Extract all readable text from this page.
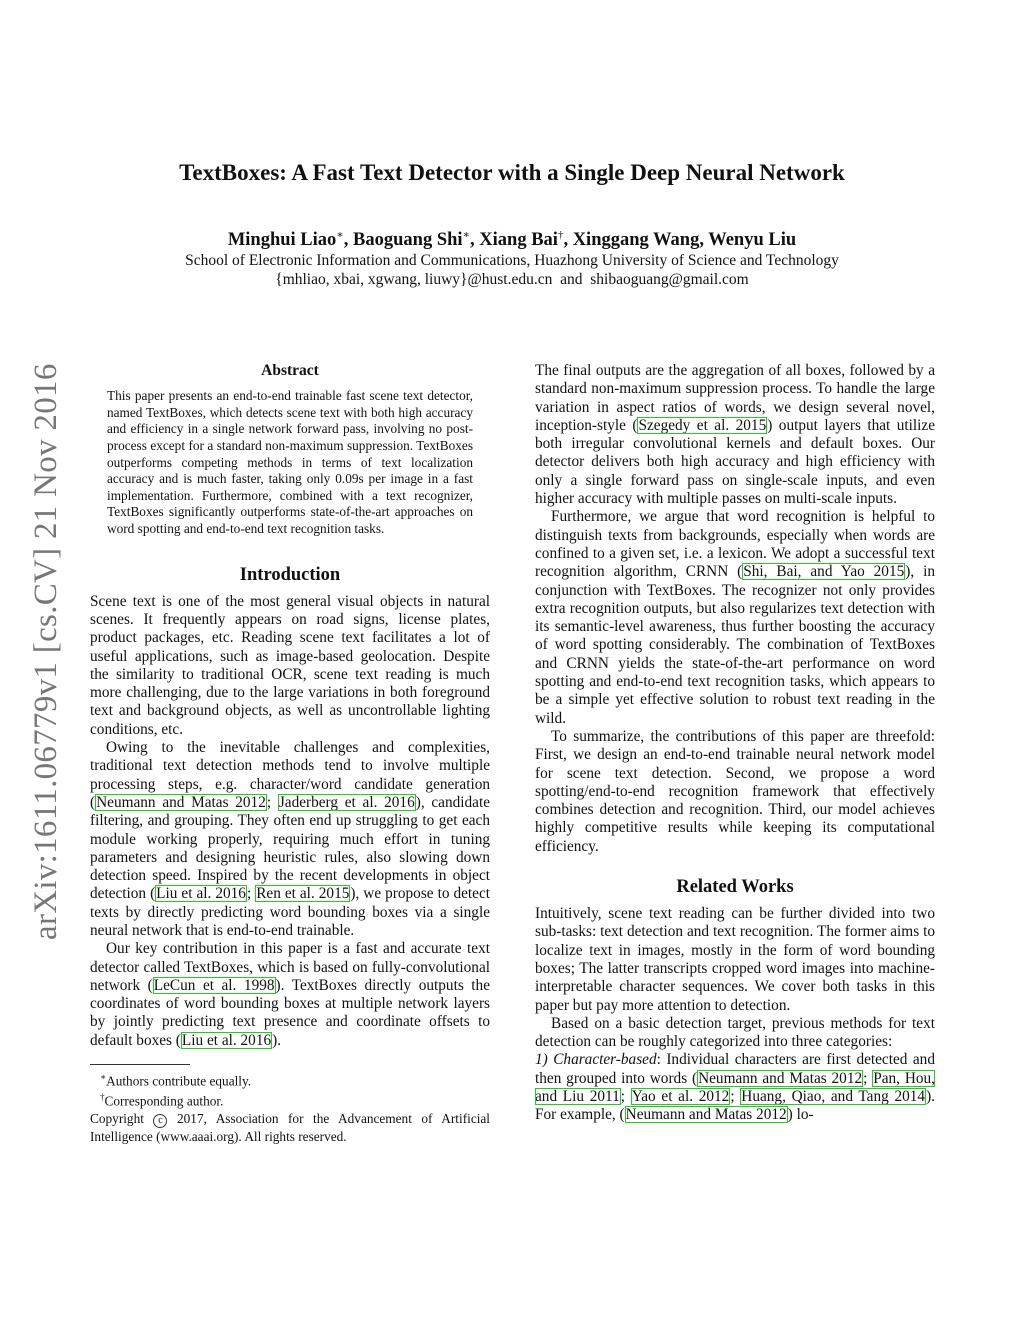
arXiv:1611.06779v1 [cs.CV] 21 Nov 2016
TextBoxes: A Fast Text Detector with a Single Deep Neural Network
Minghui Liao∗, Baoguang Shi∗, Xiang Bai†, Xinggang Wang, Wenyu Liu
School of Electronic Information and Communications, Huazhong University of Science and Technology
{mhliao, xbai, xgwang, liuwy}@hust.edu.cn  and  shibaoguang@gmail.com
Abstract
This paper presents an end-to-end trainable fast scene text detector, named TextBoxes, which detects scene text with both high accuracy and efficiency in a single network forward pass, involving no post-process except for a standard non-maximum suppression. TextBoxes outperforms competing methods in terms of text localization accuracy and is much faster, taking only 0.09s per image in a fast implementation. Furthermore, combined with a text recognizer, TextBoxes significantly outperforms state-of-the-art approaches on word spotting and end-to-end text recognition tasks.
Introduction

Scene text is one of the most general visual objects in natural scenes. It frequently appears on road signs, license plates, product packages, etc. Reading scene text facilitates a lot of useful applications, such as image-based geolocation. Despite the similarity to traditional OCR, scene text reading is much more challenging, due to the large variations in both foreground text and background objects, as well as uncontrollable lighting conditions, etc.

Owing to the inevitable challenges and complexities, traditional text detection methods tend to involve multiple processing steps, e.g. character/word candidate generation (Neumann and Matas 2012; Jaderberg et al. 2016), candidate filtering, and grouping. They often end up struggling to get each module working properly, requiring much effort in tuning parameters and designing heuristic rules, also slowing down detection speed. Inspired by the recent developments in object detection (Liu et al. 2016; Ren et al. 2015), we propose to detect texts by directly predicting word bounding boxes via a single neural network that is end-to-end trainable.

Our key contribution in this paper is a fast and accurate text detector called TextBoxes, which is based on fully-convolutional network (LeCun et al. 1998). TextBoxes directly outputs the coordinates of word bounding boxes at multiple network layers by jointly predicting text presence and coordinate offsets to default boxes (Liu et al. 2016).

∗Authors contribute equally.
†Corresponding author.
Copyright c 2017, Association for the Advancement of Artificial Intelligence (www.aaai.org). All rights reserved.

The final outputs are the aggregation of all boxes, followed by a standard non-maximum suppression process. To handle the large variation in aspect ratios of words, we design several novel, inception-style (Szegedy et al. 2015) output layers that utilize both irregular convolutional kernels and default boxes. Our detector delivers both high accuracy and high efficiency with only a single forward pass on single-scale inputs, and even higher accuracy with multiple passes on multi-scale inputs.

Furthermore, we argue that word recognition is helpful to distinguish texts from backgrounds, especially when words are confined to a given set, i.e. a lexicon. We adopt a successful text recognition algorithm, CRNN (Shi, Bai, and Yao 2015), in conjunction with TextBoxes. The recognizer not only provides extra recognition outputs, but also regularizes text detection with its semantic-level awareness, thus further boosting the accuracy of word spotting considerably. The combination of TextBoxes and CRNN yields the state-of-the-art performance on word spotting and end-to-end text recognition tasks, which appears to be a simple yet effective solution to robust text reading in the wild.

To summarize, the contributions of this paper are threefold: First, we design an end-to-end trainable neural network model for scene text detection. Second, we propose a word spotting/end-to-end recognition framework that effectively combines detection and recognition. Third, our model achieves highly competitive results while keeping its computational efficiency.

Related Works

Intuitively, scene text reading can be further divided into two sub-tasks: text detection and text recognition. The former aims to localize text in images, mostly in the form of word bounding boxes; The latter transcripts cropped word images into machine-interpretable character sequences. We cover both tasks in this paper but pay more attention to detection.

Based on a basic detection target, previous methods for text detection can be roughly categorized into three categories:

1) Character-based: Individual characters are first detected and then grouped into words (Neumann and Matas 2012; Pan, Hou, and Liu 2011; Yao et al. 2012; Huang, Qiao, and Tang 2014). For example, (Neumann and Matas 2012) lo-
